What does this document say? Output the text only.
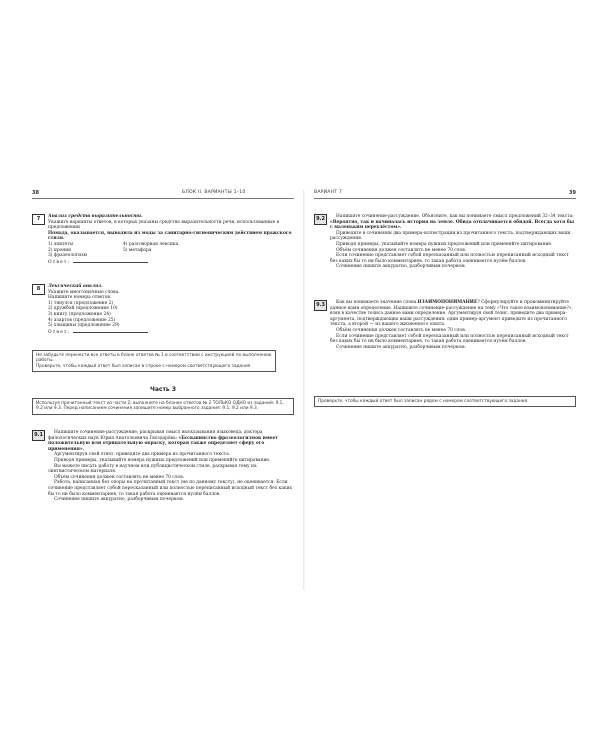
38	БЛОК II. ВАРИАНТЫ 1–10
7	Анализ средств выразительности.

Укажите варианты ответов, в которых указаны средства выразительности речи, использованные в предложении

Помада, оказывается, выводила из моды за санитарно-гигиеническим действием пражского стиля.

1) эпитеты	4) разговорная лексика
2) ирония	5) метафора
3) фразеологизм

Ответ:

8	Лексический анализ.

Укажите многозначные слова.

Напишите номера ответов.

1) тянулся (предложение 2)
2) дружбой (предложение 10)
3) книгу (предложение 24)
4) азартов (предложение 25)
5) хлыщины (предложение 29)

Ответ:

Не забудьте перенести все ответы в бланк ответов № 1 в соответствии с инструкцией по выполнению работы.

Проверьте, чтобы каждый ответ был записан в строке с номером соответствующего задания.

Часть 3

Используя прочитанный текст из части 2, выполните на бланке ответов № 2 ТОЛЬКО ОДНО из заданий: 9.1, 9.2 или 9.3. Перед написанием сочинения запишите номер выбранного задания: 9.1, 9.2 или 9.3.

9.1	Напишите сочинение-рассуждение, раскрывая смысл высказывания языковеда, доктора филологических наук Юрия Анатольевича Гвоздарёва: «Большинство фразеологизмов имеет положительную или отрицательную окраску, которая также определяет сферу его применения».

Аргументируя свой ответ, приведите два примера из прочитанного текста.

Приводя примеры, указывайте номера нужных предложений или применяйте цитирование.

Вы можете писать работу в научном или публицистическом стиле, раскрывая тему на лингвистическом материале.

Объём сочинения должен составлять не менее 70 слов.

Работа, написанная без опоры на прочитанный текст (не по данному тексту), не оценивается. Если сочинение представляет собой пересказанный или полностью переписанный исходный текст без каких бы то ни было комментариев, то такая работа оценивается нулём баллов.

Сочинение пишите аккуратно, разборчивым почерком.

ВАРИАНТ 7	39
9.2	Напишите сочинение-рассуждение. Объясните, как вы понимаете смысл предложений 32–34 текста: «Вероятно, так и начиналась история на земле. Обида отплачивается обидой. Всегда хотя бы с маленьким перехлёстом».

Приведите в сочинении два примера-иллюстрации из прочитанного текста, подтверждающих ваши рассуждения.

Приводя примеры, указывайте номера нужных предложений или применяйте цитирование.

Объём сочинения должен составлять не менее 70 слов.

Если сочинение представляет собой пересказанный или полностью переписанный исходный текст без каких бы то ни было комментариев, то такая работа оценивается нулём баллов.

Сочинение пишите аккуратно, разборчивым почерком.

9.3	Как вы понимаете значение слова ВЗАИМОПОНИМАНИЕ? Сформулируйте и прокомментируйте данное вами определение. Напишите сочинение-рассуждение на тему «Что такое взаимопонимание?», взяв в качестве тезиса данное вами определение. Аргументируя свой тезис, приведите два примера-аргумента, подтверждающих ваши рассуждения: один пример-аргумент приведите из прочитанного текста, а второй — из вашего жизненного опыта.

Объём сочинения должен составлять не менее 70 слов.

Если сочинение представляет собой пересказанный или полностью переписанный исходный текст без каких бы то ни было комментариев, то такая работа оценивается нулём баллов.

Сочинение пишите аккуратно, разборчивым почерком.

Проверьте, чтобы каждый ответ был записан рядом с номером соответствующего задания.
